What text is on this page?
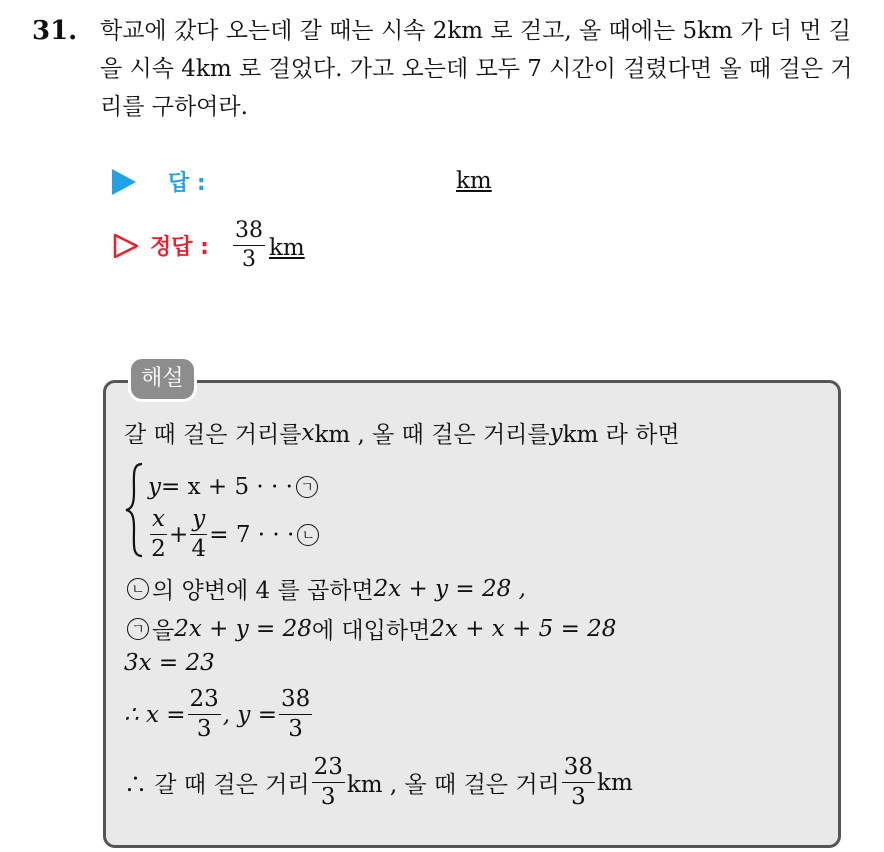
31. 학교에 갔다 오는데 갈 때는 시속 2km 로 걷고, 올 때에는 5km 가 더 먼 길을 시속 4km 로 걸었다. 가고 오는데 모두 7 시간이 걸렸다면 올 때 걸은 거리를 구하여라.
답 :	km
정답 : $\frac{38}{3}$ km
해설
갈 때 걸은 거리를 x km , 올 때 걸은 거리를 y km 라 하면
y = x + 5 · · · ㄱ
$\frac{x}{2} + \frac{y}{4} = 7$ · · · ㄴ
ㄴ 의 양변에 4 를 곱하면 2x + y = 28 ,
ㄱ 을 2x + y = 28 에 대입하면 2x + x + 5 = 28
3x = 23
∴ $x = \frac{23}{3}$ , $y = \frac{38}{3}$
∴ 갈 때 걸은 거리 $\frac{23}{3}$ km , 올 때 걸은 거리 $\frac{38}{3}$ km
